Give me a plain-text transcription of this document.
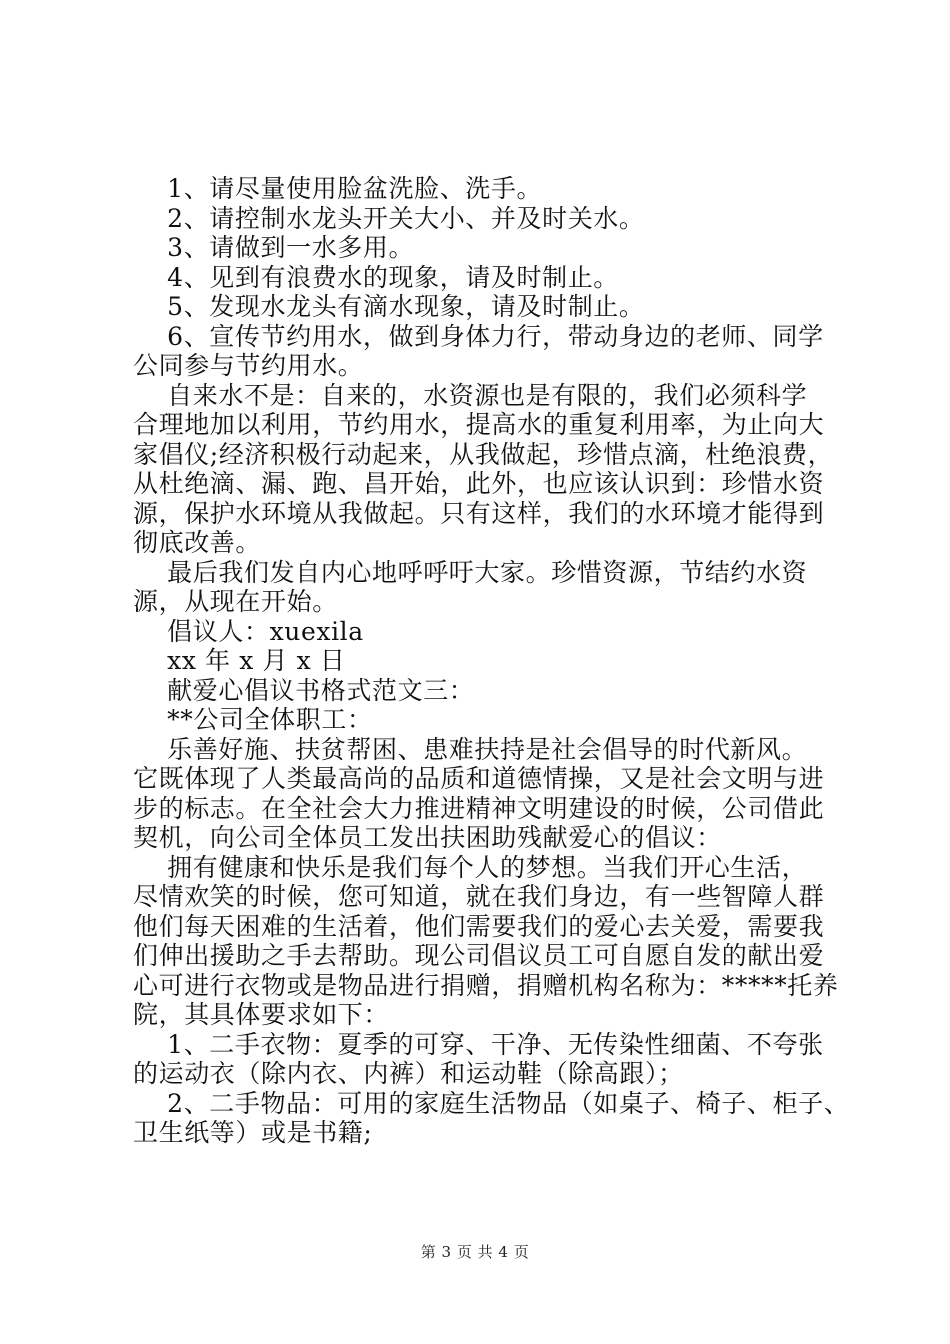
1、请尽量使用脸盆洗脸、洗手。
2、请控制水龙头开关大小、并及时关水。
3、请做到一水多用。
4、见到有浪费水的现象，请及时制止。
5、发现水龙头有滴水现象，请及时制止。
6、宣传节约用水，做到身体力行，带动身边的老师、同学
公同参与节约用水。
自来水不是：自来的，水资源也是有限的，我们必须科学
合理地加以利用，节约用水，提高水的重复利用率，为止向大
家倡仪;经济积极行动起来，从我做起，珍惜点滴，杜绝浪费，
从杜绝滴、漏、跑、昌开始，此外，也应该认识到：珍惜水资
源，保护水环境从我做起。只有这样，我们的水环境才能得到
彻底改善。
最后我们发自内心地呼呼吁大家。珍惜资源，节结约水资
源，从现在开始。
倡议人：xuexila
xx 年 x 月 x 日
献爱心倡议书格式范文三：
**公司全体职工：
乐善好施、扶贫帮困、患难扶持是社会倡导的时代新风。
它既体现了人类最高尚的品质和道德情操，又是社会文明与进
步的标志。在全社会大力推进精神文明建设的时候，公司借此
契机，向公司全体员工发出扶困助残献爱心的倡议：
拥有健康和快乐是我们每个人的梦想。当我们开心生活，
尽情欢笑的时候，您可知道，就在我们身边，有一些智障人群
他们每天困难的生活着，他们需要我们的爱心去关爱，需要我
们伸出援助之手去帮助。现公司倡议员工可自愿自发的献出爱
心可进行衣物或是物品进行捐赠，捐赠机构名称为：*****托养
院，其具体要求如下：
1、二手衣物：夏季的可穿、干净、无传染性细菌、不夸张
的运动衣（除内衣、内裤）和运动鞋（除高跟）；
2、二手物品：可用的家庭生活物品（如桌子、椅子、柜子、
卫生纸等）或是书籍;
第 3 页 共 4 页
